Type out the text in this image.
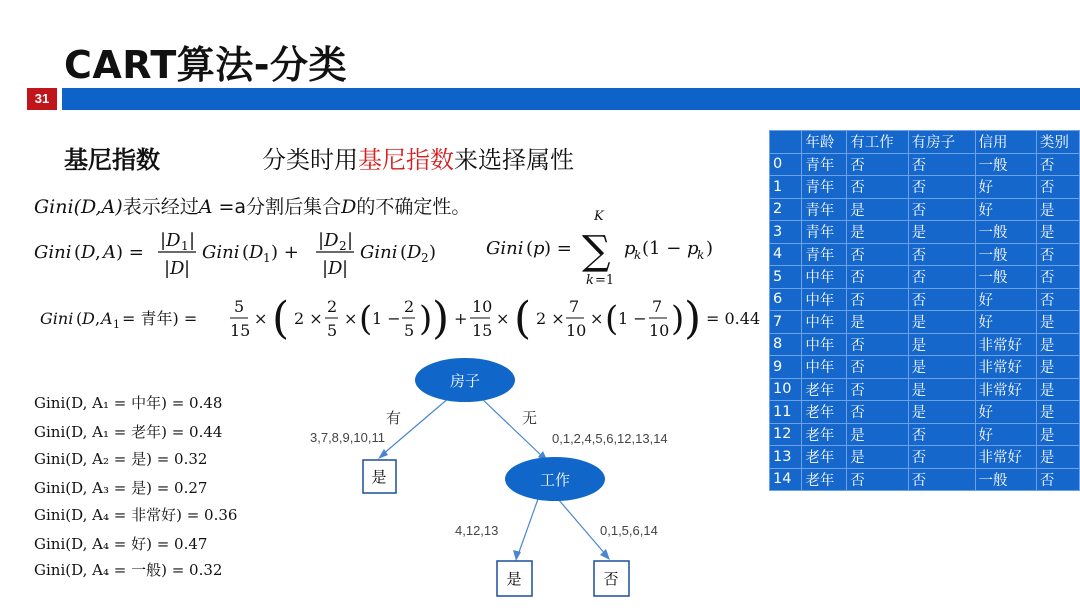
CART算法-分类
31
基尼指数	分类时用基尼指数来选择属性
Gini(D,A)表示经过A =a分割后集合D的不确定性。
Gini ( D , A ) =
|D 1 |
| D |
Gini ( D 1 ) +
|D 2 |
| D |
Gini ( D 2 )	Gini ( p ) =
K
∑
k =1
p
k (1 − p
k )
Gini ( D , A 1 = 青年) =
5
15
× ( 2 ×
2
5
× ( 1 −
2
5 ) ) +
10
15
× ( 2 ×
7
10
× ( 1 −
7
10 ) ) = 0.44
Gini(D, A₁ = 中年) = 0.48
Gini(D, A₁ = 老年) = 0.44
Gini(D, A₂ = 是) = 0.32
Gini(D, A₃ = 是) = 0.27
Gini(D, A₄ = 非常好) = 0.36
Gini(D, A₄ = 好) = 0.47
Gini(D, A₄ = 一般) = 0.32
房子
有
3,7,8,9,10,11
无
0,1,2,4,5,6,12,13,14
是	工作
4,12,13	0,1,5,6,14
是	否
	年龄	有工作	有房子	信用	类别
0	青年	否	否	一般	否
1	青年	否	否	好	否
2	青年	是	否	好	是
3	青年	是	是	一般	是
4	青年	否	否	一般	否
5	中年	否	否	一般	否
6	中年	否	否	好	否
7	中年	是	是	好	是
8	中年	否	是	非常好	是
9	中年	否	是	非常好	是
10	老年	否	是	非常好	是
11	老年	否	是	好	是
12	老年	是	否	好	是
13	老年	是	否	非常好	是
14	老年	否	否	一般	否
